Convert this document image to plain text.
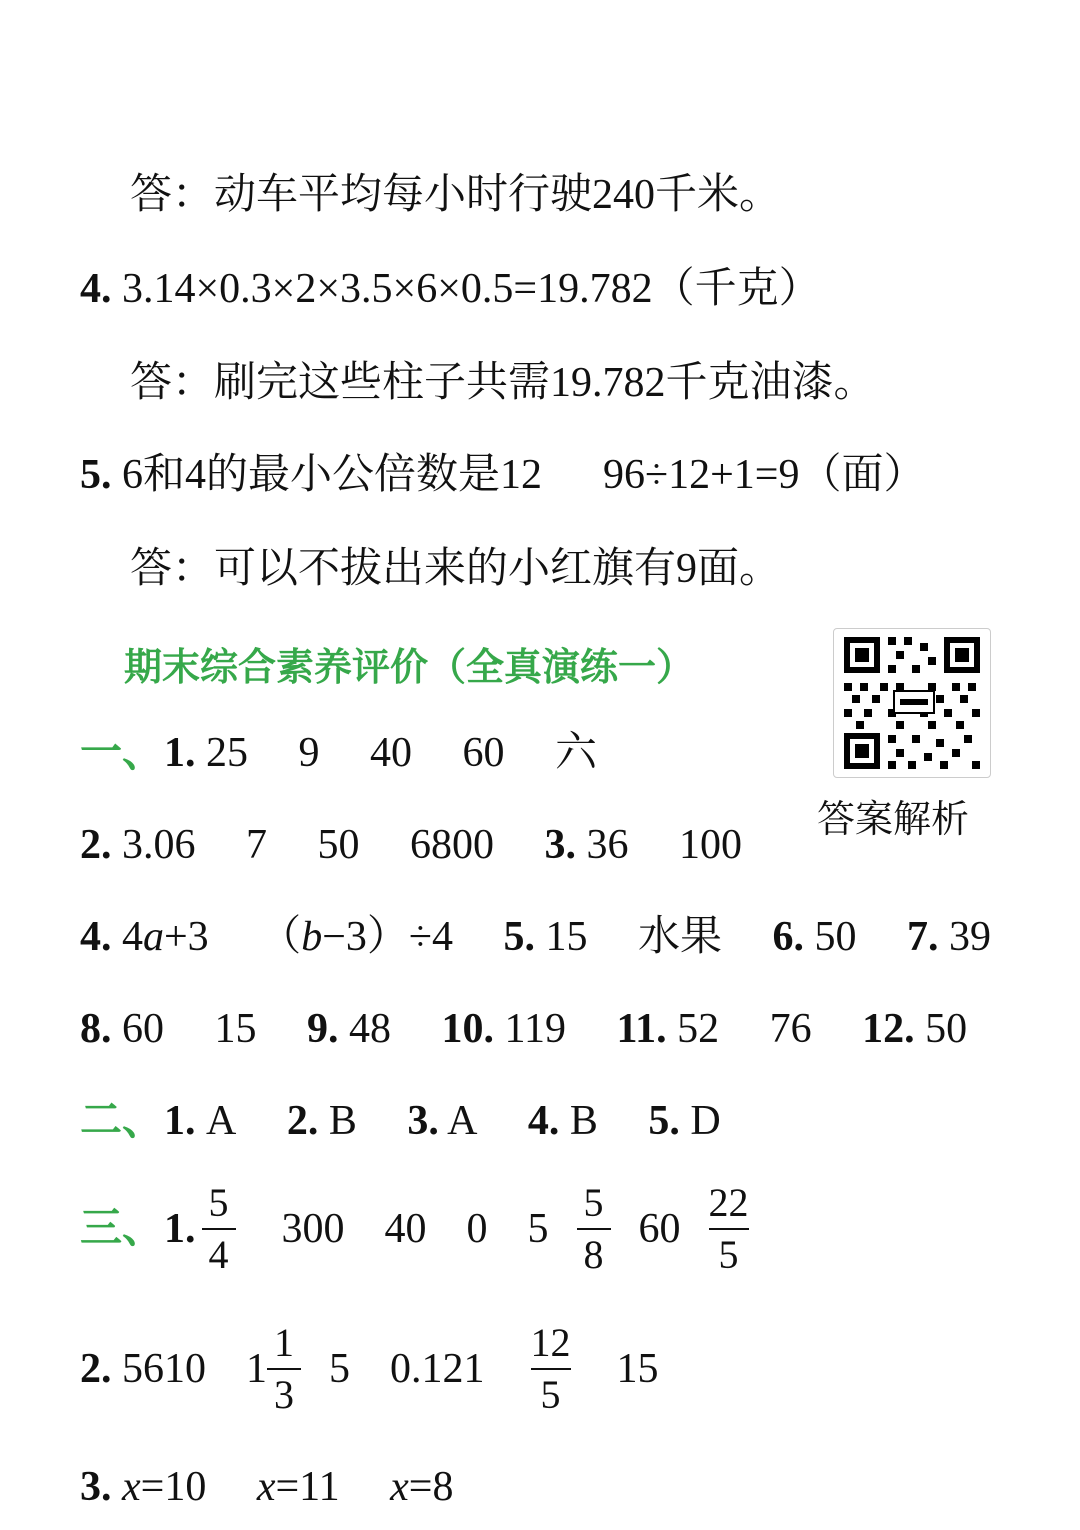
答：动车平均每小时行驶240千米。
4. 3.14×0.3×2×3.5×6×0.5=19.782（千克）
答：刷完这些柱子共需19.782千克油漆。
5. 6和4的最小公倍数是12 96÷12+1=9（面）
答：可以不拔出来的小红旗有9面。
期末综合素养评价（全真演练一）
答案解析
一、1. 25 9 40 60 六
2. 3.06 7 50 6800 3. 36 100
4. 4a+3 （b−3）÷4 5. 15 水果 6. 50 7. 39
8. 60 15 9. 48 10. 119 11. 52 76 12. 50
二、1. A 2. B 3. A 4. B 5. D
三、 1. $\frac{5}{4} 300$ 40 0 $5 \frac{5}{8} 60 \frac{22}{5}$
2.
5610 $1 \frac{1}{3} 5$ $0.121 \frac{12}{5} 15$
3. x=10 x=11 x=8
